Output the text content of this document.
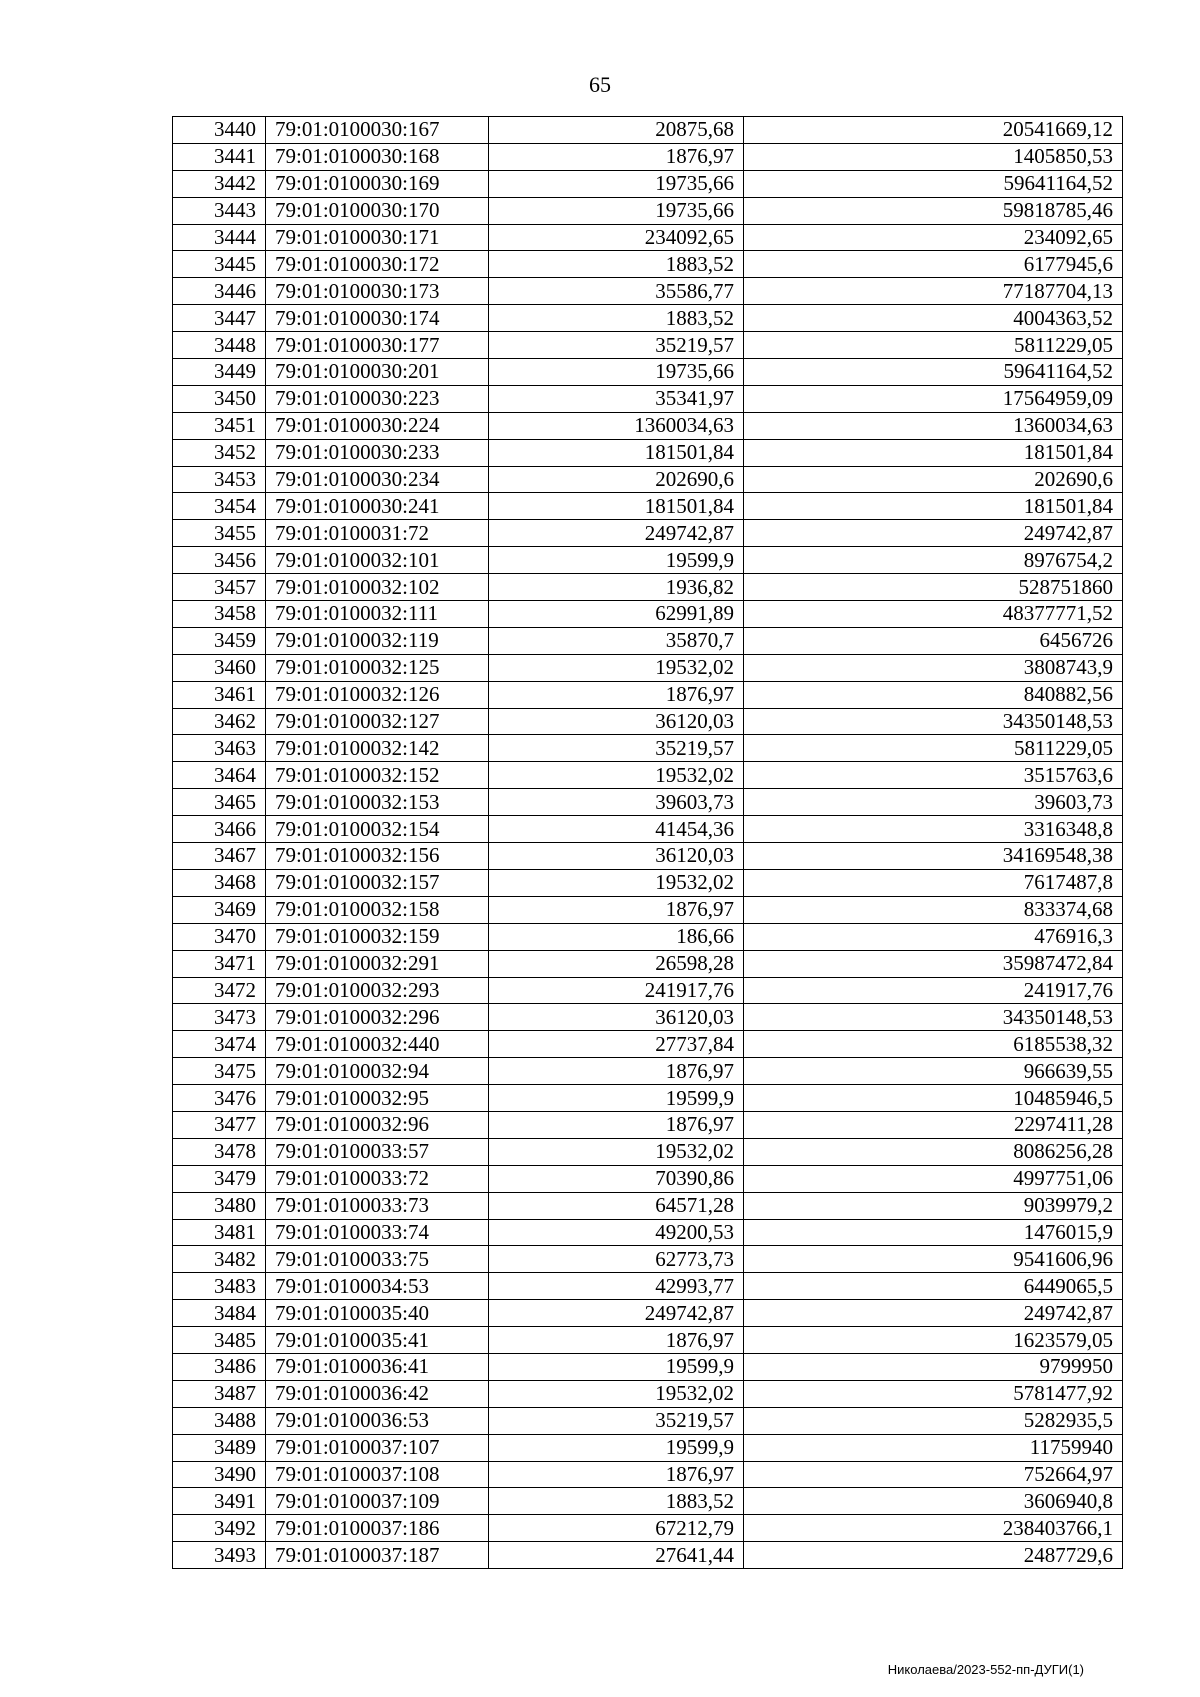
65
3440	79:01:0100030:167	20875,68	20541669,12
3441	79:01:0100030:168	1876,97	1405850,53
3442	79:01:0100030:169	19735,66	59641164,52
3443	79:01:0100030:170	19735,66	59818785,46
3444	79:01:0100030:171	234092,65	234092,65
3445	79:01:0100030:172	1883,52	6177945,6
3446	79:01:0100030:173	35586,77	77187704,13
3447	79:01:0100030:174	1883,52	4004363,52
3448	79:01:0100030:177	35219,57	5811229,05
3449	79:01:0100030:201	19735,66	59641164,52
3450	79:01:0100030:223	35341,97	17564959,09
3451	79:01:0100030:224	1360034,63	1360034,63
3452	79:01:0100030:233	181501,84	181501,84
3453	79:01:0100030:234	202690,6	202690,6
3454	79:01:0100030:241	181501,84	181501,84
3455	79:01:0100031:72	249742,87	249742,87
3456	79:01:0100032:101	19599,9	8976754,2
3457	79:01:0100032:102	1936,82	528751860
3458	79:01:0100032:111	62991,89	48377771,52
3459	79:01:0100032:119	35870,7	6456726
3460	79:01:0100032:125	19532,02	3808743,9
3461	79:01:0100032:126	1876,97	840882,56
3462	79:01:0100032:127	36120,03	34350148,53
3463	79:01:0100032:142	35219,57	5811229,05
3464	79:01:0100032:152	19532,02	3515763,6
3465	79:01:0100032:153	39603,73	39603,73
3466	79:01:0100032:154	41454,36	3316348,8
3467	79:01:0100032:156	36120,03	34169548,38
3468	79:01:0100032:157	19532,02	7617487,8
3469	79:01:0100032:158	1876,97	833374,68
3470	79:01:0100032:159	186,66	476916,3
3471	79:01:0100032:291	26598,28	35987472,84
3472	79:01:0100032:293	241917,76	241917,76
3473	79:01:0100032:296	36120,03	34350148,53
3474	79:01:0100032:440	27737,84	6185538,32
3475	79:01:0100032:94	1876,97	966639,55
3476	79:01:0100032:95	19599,9	10485946,5
3477	79:01:0100032:96	1876,97	2297411,28
3478	79:01:0100033:57	19532,02	8086256,28
3479	79:01:0100033:72	70390,86	4997751,06
3480	79:01:0100033:73	64571,28	9039979,2
3481	79:01:0100033:74	49200,53	1476015,9
3482	79:01:0100033:75	62773,73	9541606,96
3483	79:01:0100034:53	42993,77	6449065,5
3484	79:01:0100035:40	249742,87	249742,87
3485	79:01:0100035:41	1876,97	1623579,05
3486	79:01:0100036:41	19599,9	9799950
3487	79:01:0100036:42	19532,02	5781477,92
3488	79:01:0100036:53	35219,57	5282935,5
3489	79:01:0100037:107	19599,9	11759940
3490	79:01:0100037:108	1876,97	752664,97
3491	79:01:0100037:109	1883,52	3606940,8
3492	79:01:0100037:186	67212,79	238403766,1
3493	79:01:0100037:187	27641,44	2487729,6
Николаева/2023-552-пп-ДУГИ(1)
